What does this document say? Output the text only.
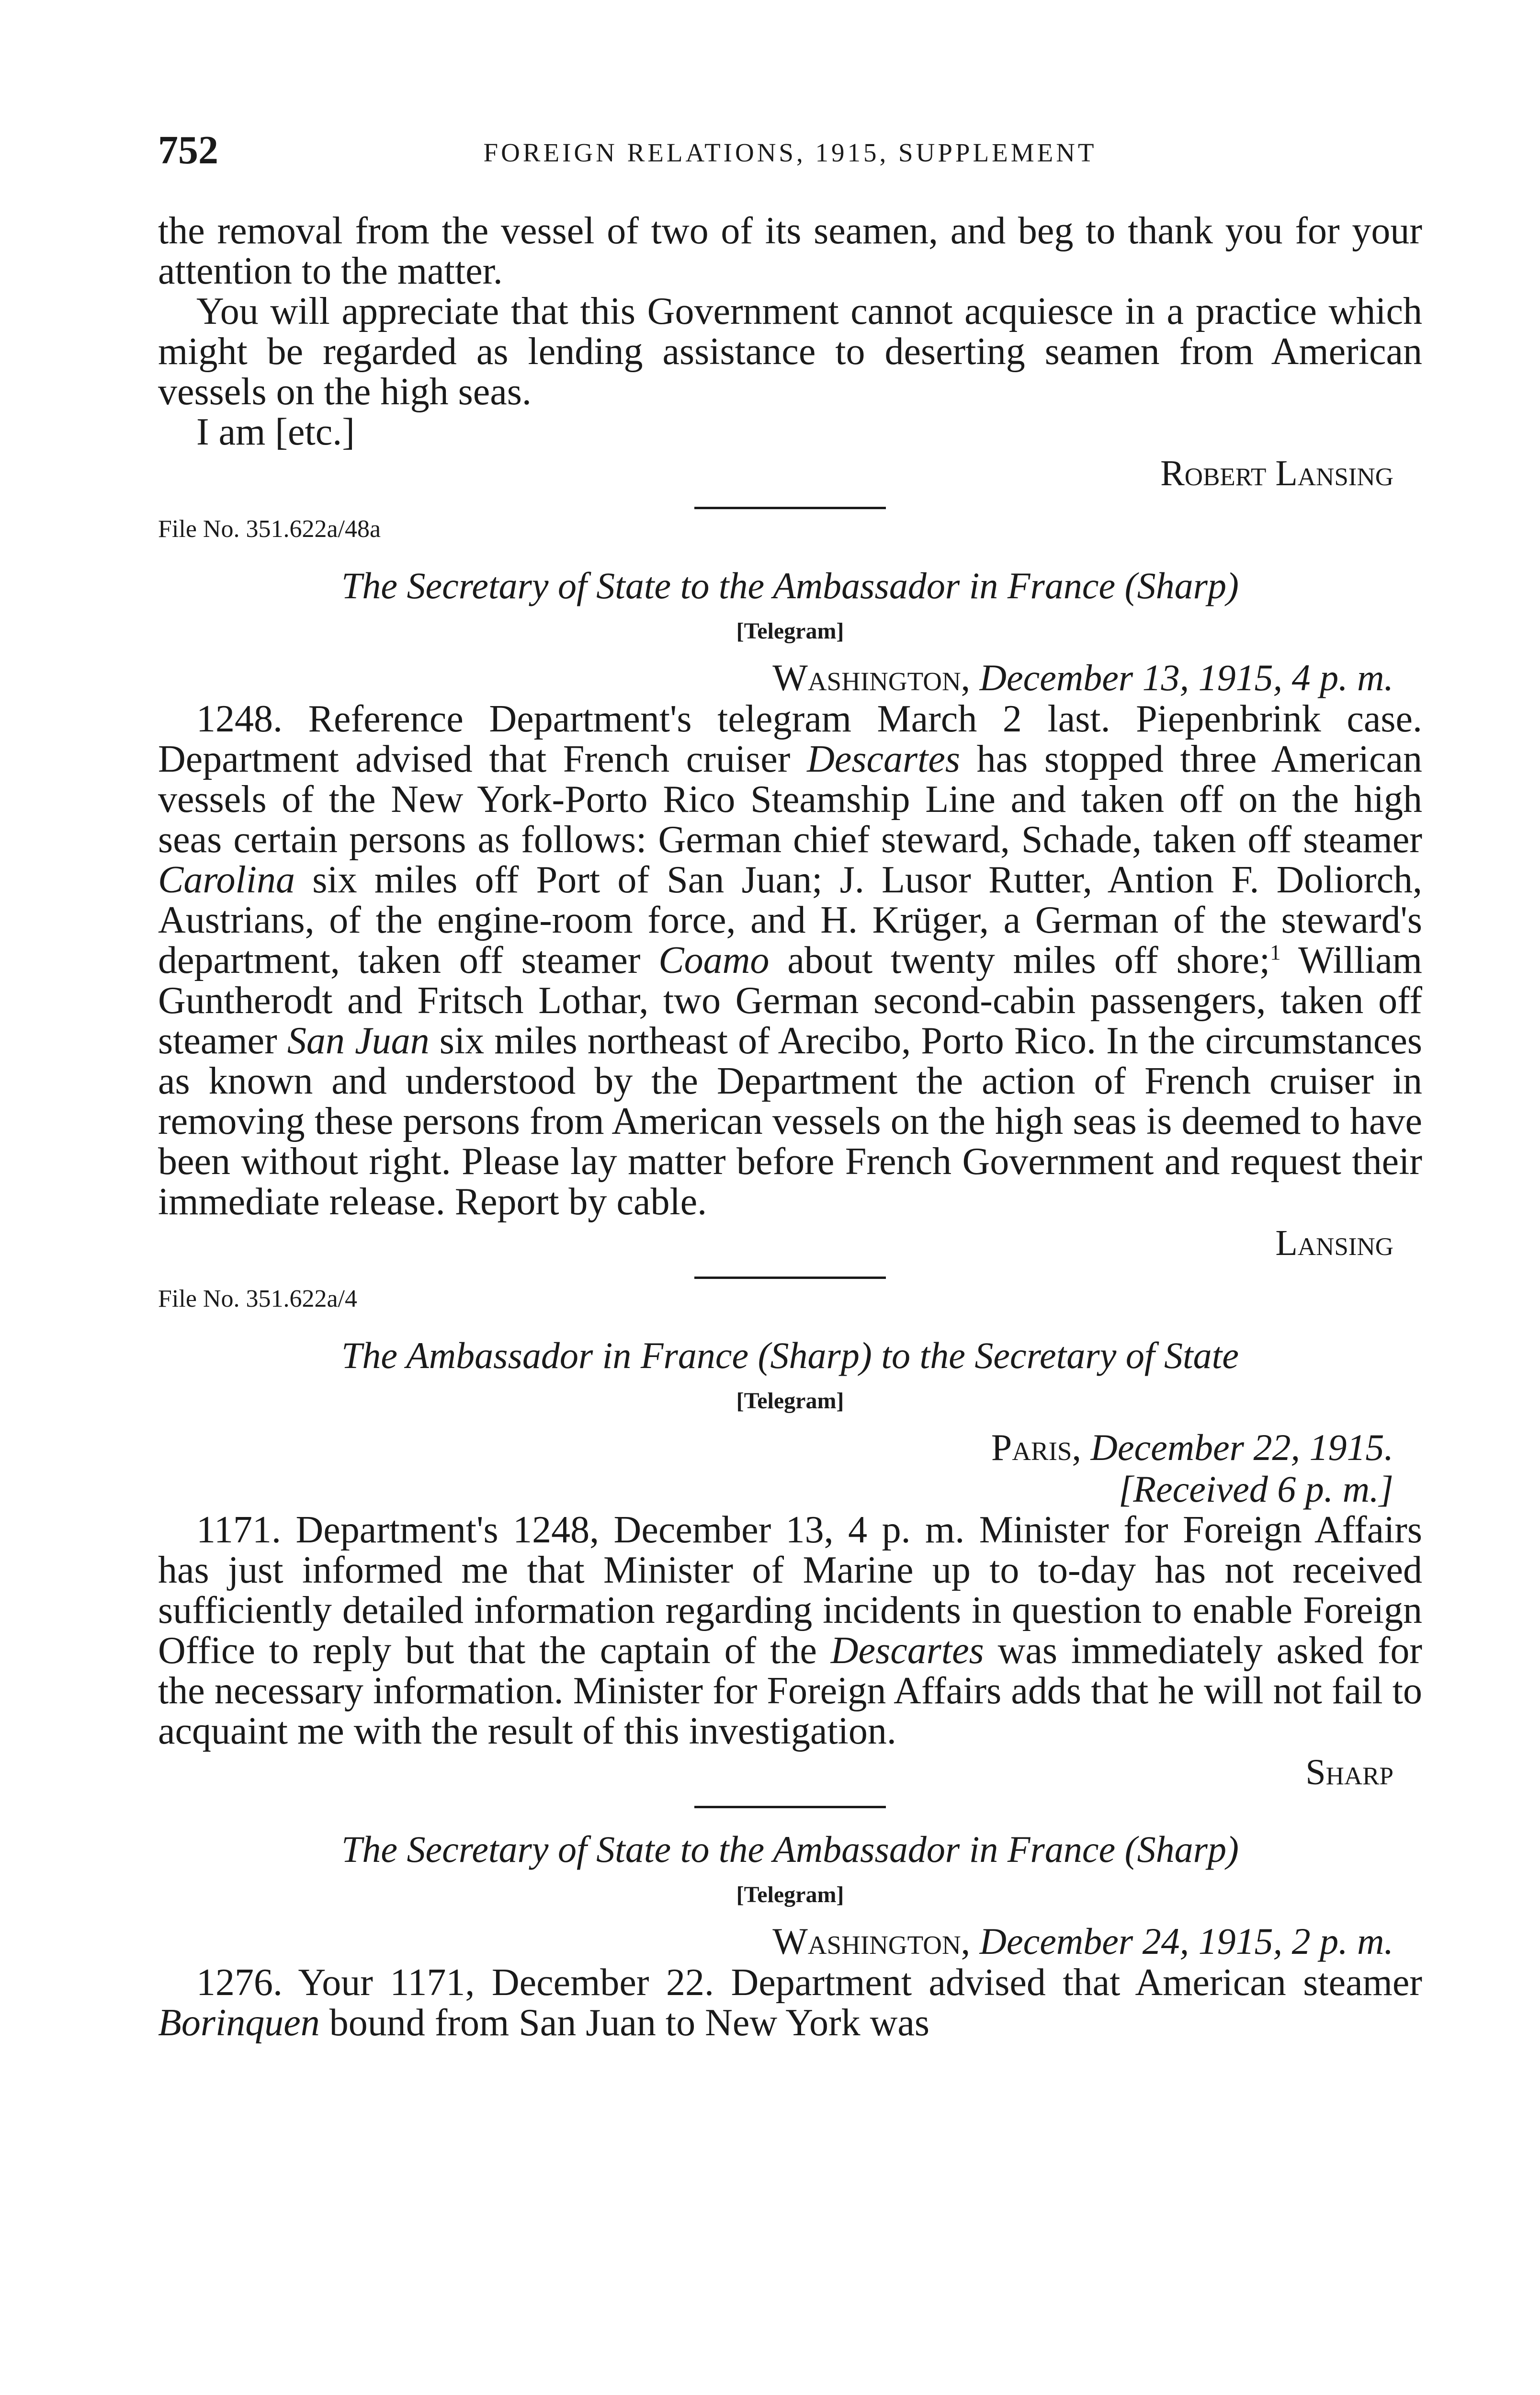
752	FOREIGN RELATIONS, 1915, SUPPLEMENT

the removal from the vessel of two of its seamen, and beg to thank you for your attention to the matter.

You will appreciate that this Government cannot acquiesce in a practice which might be regarded as lending assistance to deserting seamen from American vessels on the high seas.

I am [etc.]

Robert Lansing

File No. 351.622a/48a

The Secretary of State to the Ambassador in France (Sharp)

[Telegram]

Washington, December 13, 1915, 4 p. m.

1248. Reference Department's telegram March 2 last. Piepenbrink case. Department advised that French cruiser Descartes has stopped three American vessels of the New York-Porto Rico Steamship Line and taken off on the high seas certain persons as follows: German chief steward, Schade, taken off steamer Carolina six miles off Port of San Juan; J. Lusor Rutter, Antion F. Doliorch, Austrians, of the engine-room force, and H. Krüger, a German of the steward's department, taken off steamer Coamo about twenty miles off shore;$^1$ William Guntherodt and Fritsch Lothar, two German second-cabin passengers, taken off steamer San Juan six miles northeast of Arecibo, Porto Rico. In the circumstances as known and understood by the Department the action of French cruiser in removing these persons from American vessels on the high seas is deemed to have been without right. Please lay matter before French Government and request their immediate release. Report by cable.

Lansing

File No. 351.622a/4

The Ambassador in France (Sharp) to the Secretary of State

[Telegram]

Paris, December 22, 1915.

[Received 6 p. m.]

1171. Department's 1248, December 13, 4 p. m. Minister for Foreign Affairs has just informed me that Minister of Marine up to to-day has not received sufficiently detailed information regarding incidents in question to enable Foreign Office to reply but that the captain of the Descartes was immediately asked for the necessary information. Minister for Foreign Affairs adds that he will not fail to acquaint me with the result of this investigation.

Sharp

The Secretary of State to the Ambassador in France (Sharp)

[Telegram]

Washington, December 24, 1915, 2 p. m.

1276. Your 1171, December 22. Department advised that American steamer Borinquen bound from San Juan to New York was
